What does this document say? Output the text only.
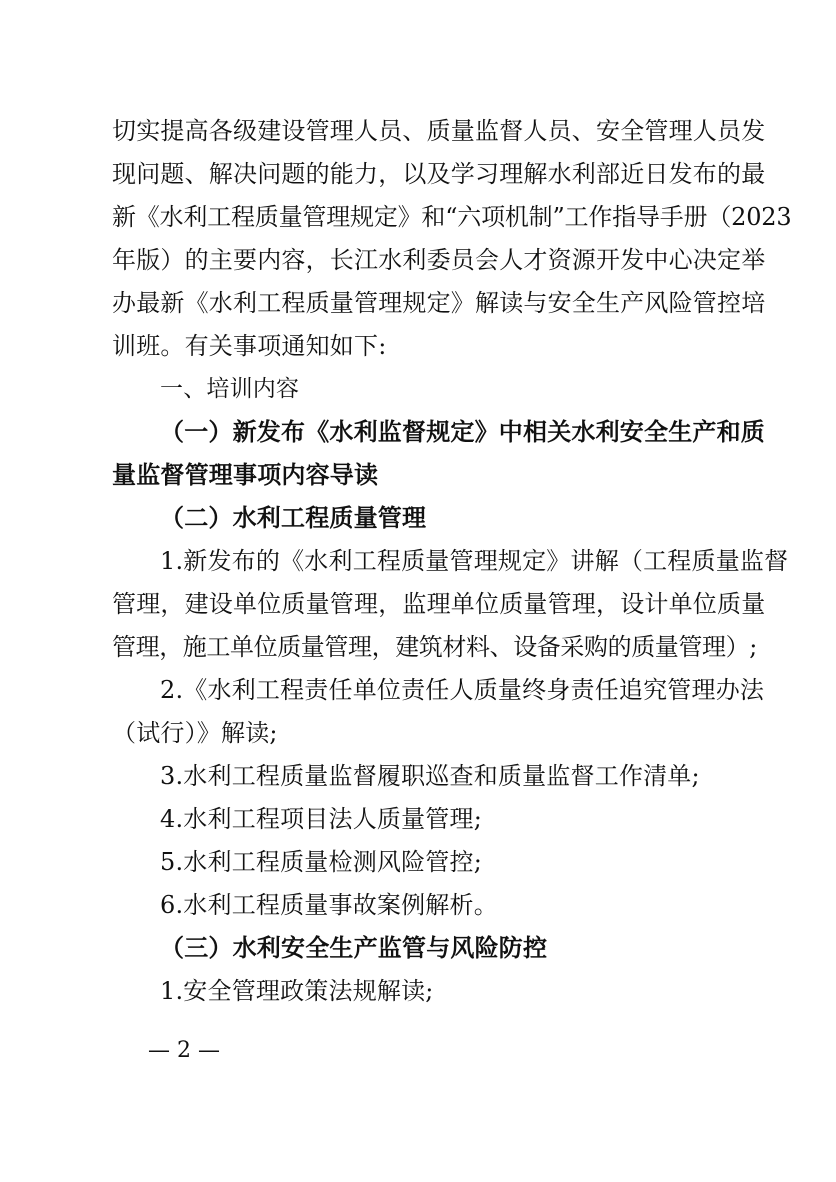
切实提高各级建设管理人员、质量监督人员、安全管理人员发
现问题、解决问题的能力，以及学习理解水利部近日发布的最
新《水利工程质量管理规定》和“六项机制”工作指导手册（2023
年版）的主要内容，长江水利委员会人才资源开发中心决定举
办最新《水利工程质量管理规定》解读与安全生产风险管控培
训班。有关事项通知如下:
一、培训内容
（一）新发布《水利监督规定》中相关水利安全生产和质
量监督管理事项内容导读
（二）水利工程质量管理
1.新发布的《水利工程质量管理规定》讲解（工程质量监督
管理，建设单位质量管理，监理单位质量管理，设计单位质量
管理，施工单位质量管理，建筑材料、设备采购的质量管理）;
2.《水利工程责任单位责任人质量终身责任追究管理办法
（试行）》解读;
3.水利工程质量监督履职巡查和质量监督工作清单;
4.水利工程项目法人质量管理;
5.水利工程质量检测风险管控;
6.水利工程质量事故案例解析。
（三）水利安全生产监管与风险防控
1.安全管理政策法规解读;
— 2 —
